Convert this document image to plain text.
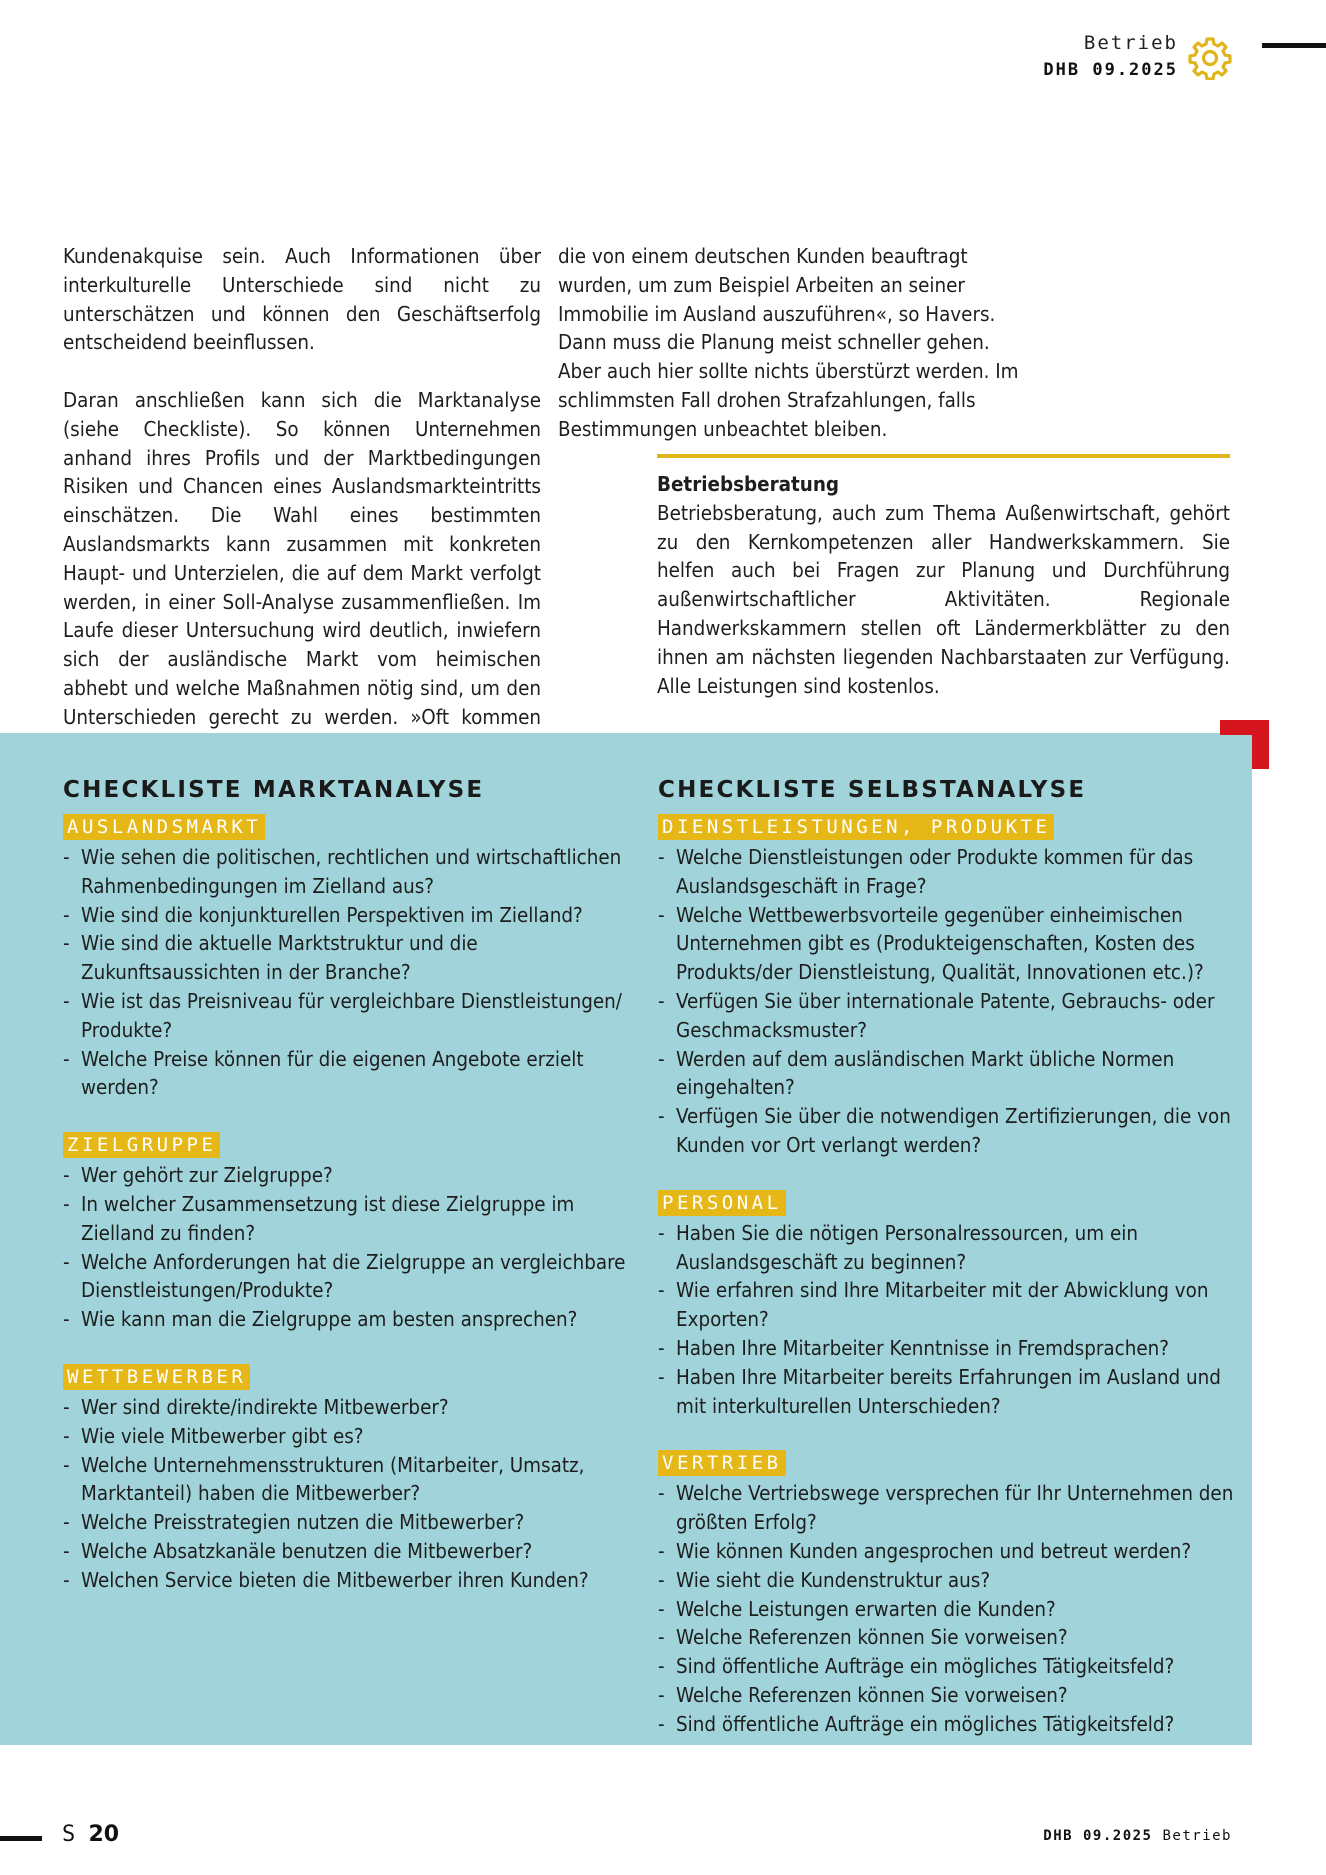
Betrieb
DHB 09.2025

Kundenakquise sein. Auch Informationen über interkulturelle Unterschiede sind nicht zu unterschätzen und können den Geschäftserfolg entscheidend beeinflussen.

Daran anschließen kann sich die Marktanalyse (siehe Checkliste). So können Unternehmen anhand ihres Profils und der Marktbedingungen Risiken und Chancen eines Auslandsmarkteintritts einschätzen. Die Wahl eines bestimmten Auslandsmarkts kann zusammen mit konkreten Haupt- und Unterzielen, die auf dem Markt verfolgt werden, in einer Soll-Analyse zusammenfließen. Im Laufe dieser Untersuchung wird deutlich, inwiefern sich der ausländische Markt vom heimischen abhebt und welche Maßnahmen nötig sind, um den Unterschieden gerecht zu werden. »Oft kommen

die von einem deutschen Kunden beauftragt wurden, um zum Beispiel Arbeiten an seiner Immobilie im Ausland auszuführen«, so Havers. Dann muss die Planung meist schneller gehen. Aber auch hier sollte nichts überstürzt werden. Im schlimmsten Fall drohen Strafzahlungen, falls Bestimmungen unbeachtet bleiben.

Betriebsberatung

Betriebsberatung, auch zum Thema Außenwirtschaft, gehört zu den Kernkompetenzen aller Handwerkskammern. Sie helfen auch bei Fragen zur Planung und Durchführung außenwirtschaftlicher Aktivitäten. Regionale Handwerkskammern stellen oft Ländermerkblätter zu den ihnen am nächsten liegenden Nachbarstaaten zur Verfügung. Alle Leistungen sind kostenlos.

CHECKLISTE MARKTANALYSE
AUSLANDSMARKT
- Wie sehen die politischen, rechtlichen und wirtschaftlichen Rahmenbedingungen im Zielland aus?
- Wie sind die konjunkturellen Perspektiven im Zielland?
- Wie sind die aktuelle Marktstruktur und die Zukunftsaussichten in der Branche?
- Wie ist das Preisniveau für vergleichbare Dienstleistungen/ Produkte?
- Welche Preise können für die eigenen Angebote erzielt werden?
ZIELGRUPPE
- Wer gehört zur Zielgruppe?
- In welcher Zusammensetzung ist diese Zielgruppe im Zielland zu finden?
- Welche Anforderungen hat die Zielgruppe an vergleichbare Dienstleistungen/Produkte?
- Wie kann man die Zielgruppe am besten ansprechen?
WETTBEWERBER
- Wer sind direkte/indirekte Mitbewerber?
- Wie viele Mitbewerber gibt es?
- Welche Unternehmensstrukturen (Mitarbeiter, Umsatz, Marktanteil) haben die Mitbewerber?
- Welche Preisstrategien nutzen die Mitbewerber?
- Welche Absatzkanäle benutzen die Mitbewerber?
- Welchen Service bieten die Mitbewerber ihren Kunden?
CHECKLISTE SELBSTANALYSE
DIENSTLEISTUNGEN, PRODUKTE
- Welche Dienstleistungen oder Produkte kommen für das Auslandsgeschäft in Frage?
- Welche Wettbewerbsvorteile gegenüber einheimischen Unternehmen gibt es (Produkteigenschaften, Kosten des Produkts/der Dienstleistung, Qualität, Innovationen etc.)?
- Verfügen Sie über internationale Patente, Gebrauchs- oder Geschmacksmuster?
- Werden auf dem ausländischen Markt übliche Normen eingehalten?
- Verfügen Sie über die notwendigen Zertifizierungen, die von Kunden vor Ort verlangt werden?
PERSONAL
- Haben Sie die nötigen Personalressourcen, um ein Auslandsgeschäft zu beginnen?
- Wie erfahren sind Ihre Mitarbeiter mit der Abwicklung von Exporten?
- Haben Ihre Mitarbeiter Kenntnisse in Fremdsprachen?
- Haben Ihre Mitarbeiter bereits Erfahrungen im Ausland und mit interkulturellen Unterschieden?
VERTRIEB
- Welche Vertriebswege versprechen für Ihr Unternehmen den größten Erfolg?
- Wie können Kunden angesprochen und betreut werden?
- Wie sieht die Kundenstruktur aus?
- Welche Leistungen erwarten die Kunden?
- Welche Referenzen können Sie vorweisen?
- Sind öffentliche Aufträge ein mögliches Tätigkeitsfeld?
- Welche Referenzen können Sie vorweisen?
- Sind öffentliche Aufträge ein mögliches Tätigkeitsfeld?
S 20	DHB 09.2025 Betrieb
